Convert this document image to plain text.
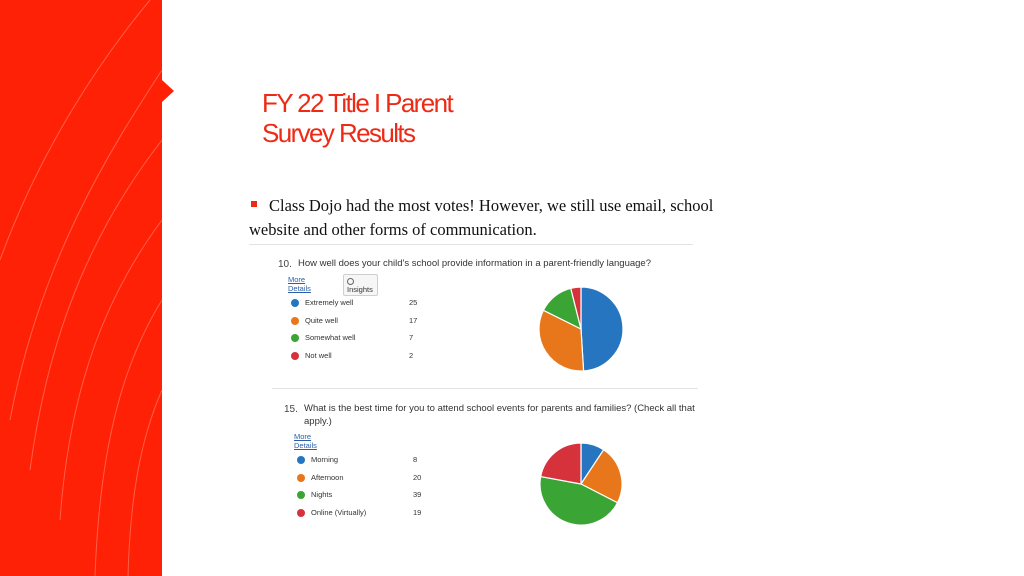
FY 22 Title I Parent
Survey Results

Class Dojo had the most votes! However, we still use email, school website and other forms of communication.

10. How well does your child's school provide information in a parent-friendly language?

More Details	Insights
Extremely well	25
Quite well	17
Somewhat well	7
Not well	2
15. What is the best time for you to attend school events for parents and families? (Check all that apply.)

More Details
Morning	8
Afternoon	20
Nights	39
Online (Virtually)	19
